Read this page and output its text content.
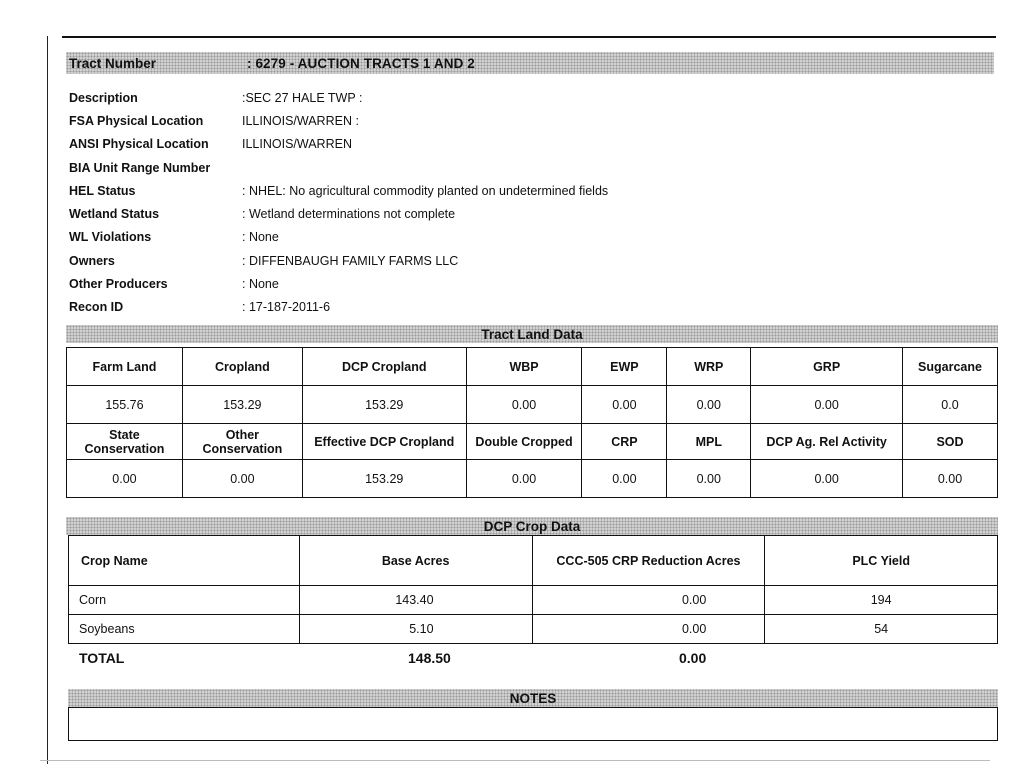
Tract Number	: 6279 - AUCTION TRACTS 1 AND 2
Description	:SEC 27 HALE TWP :
FSA Physical Location	ILLINOIS/WARREN :
ANSI Physical Location	ILLINOIS/WARREN
BIA Unit Range Number
HEL Status	: NHEL: No agricultural commodity planted on undetermined fields
Wetland Status	: Wetland determinations not complete
WL Violations	: None
Owners	: DIFFENBAUGH FAMILY FARMS LLC
Other Producers	: None
Recon ID	: 17-187-2011-6
Tract Land Data
Farm Land	Cropland	DCP Cropland	WBP	EWP	WRP	GRP	Sugarcane
155.76	153.29	153.29	0.00	0.00	0.00	0.00	0.0
State Conservation	Other Conservation	Effective DCP Cropland	Double Cropped	CRP	MPL	DCP Ag. Rel Activity	SOD
0.00	0.00	153.29	0.00	0.00	0.00	0.00	0.00
DCP Crop Data
Crop Name	Base Acres	CCC-505 CRP Reduction Acres	PLC Yield
Corn	143.40	0.00	194
Soybeans	5.10	0.00	54
TOTAL	148.50	0.00
NOTES
